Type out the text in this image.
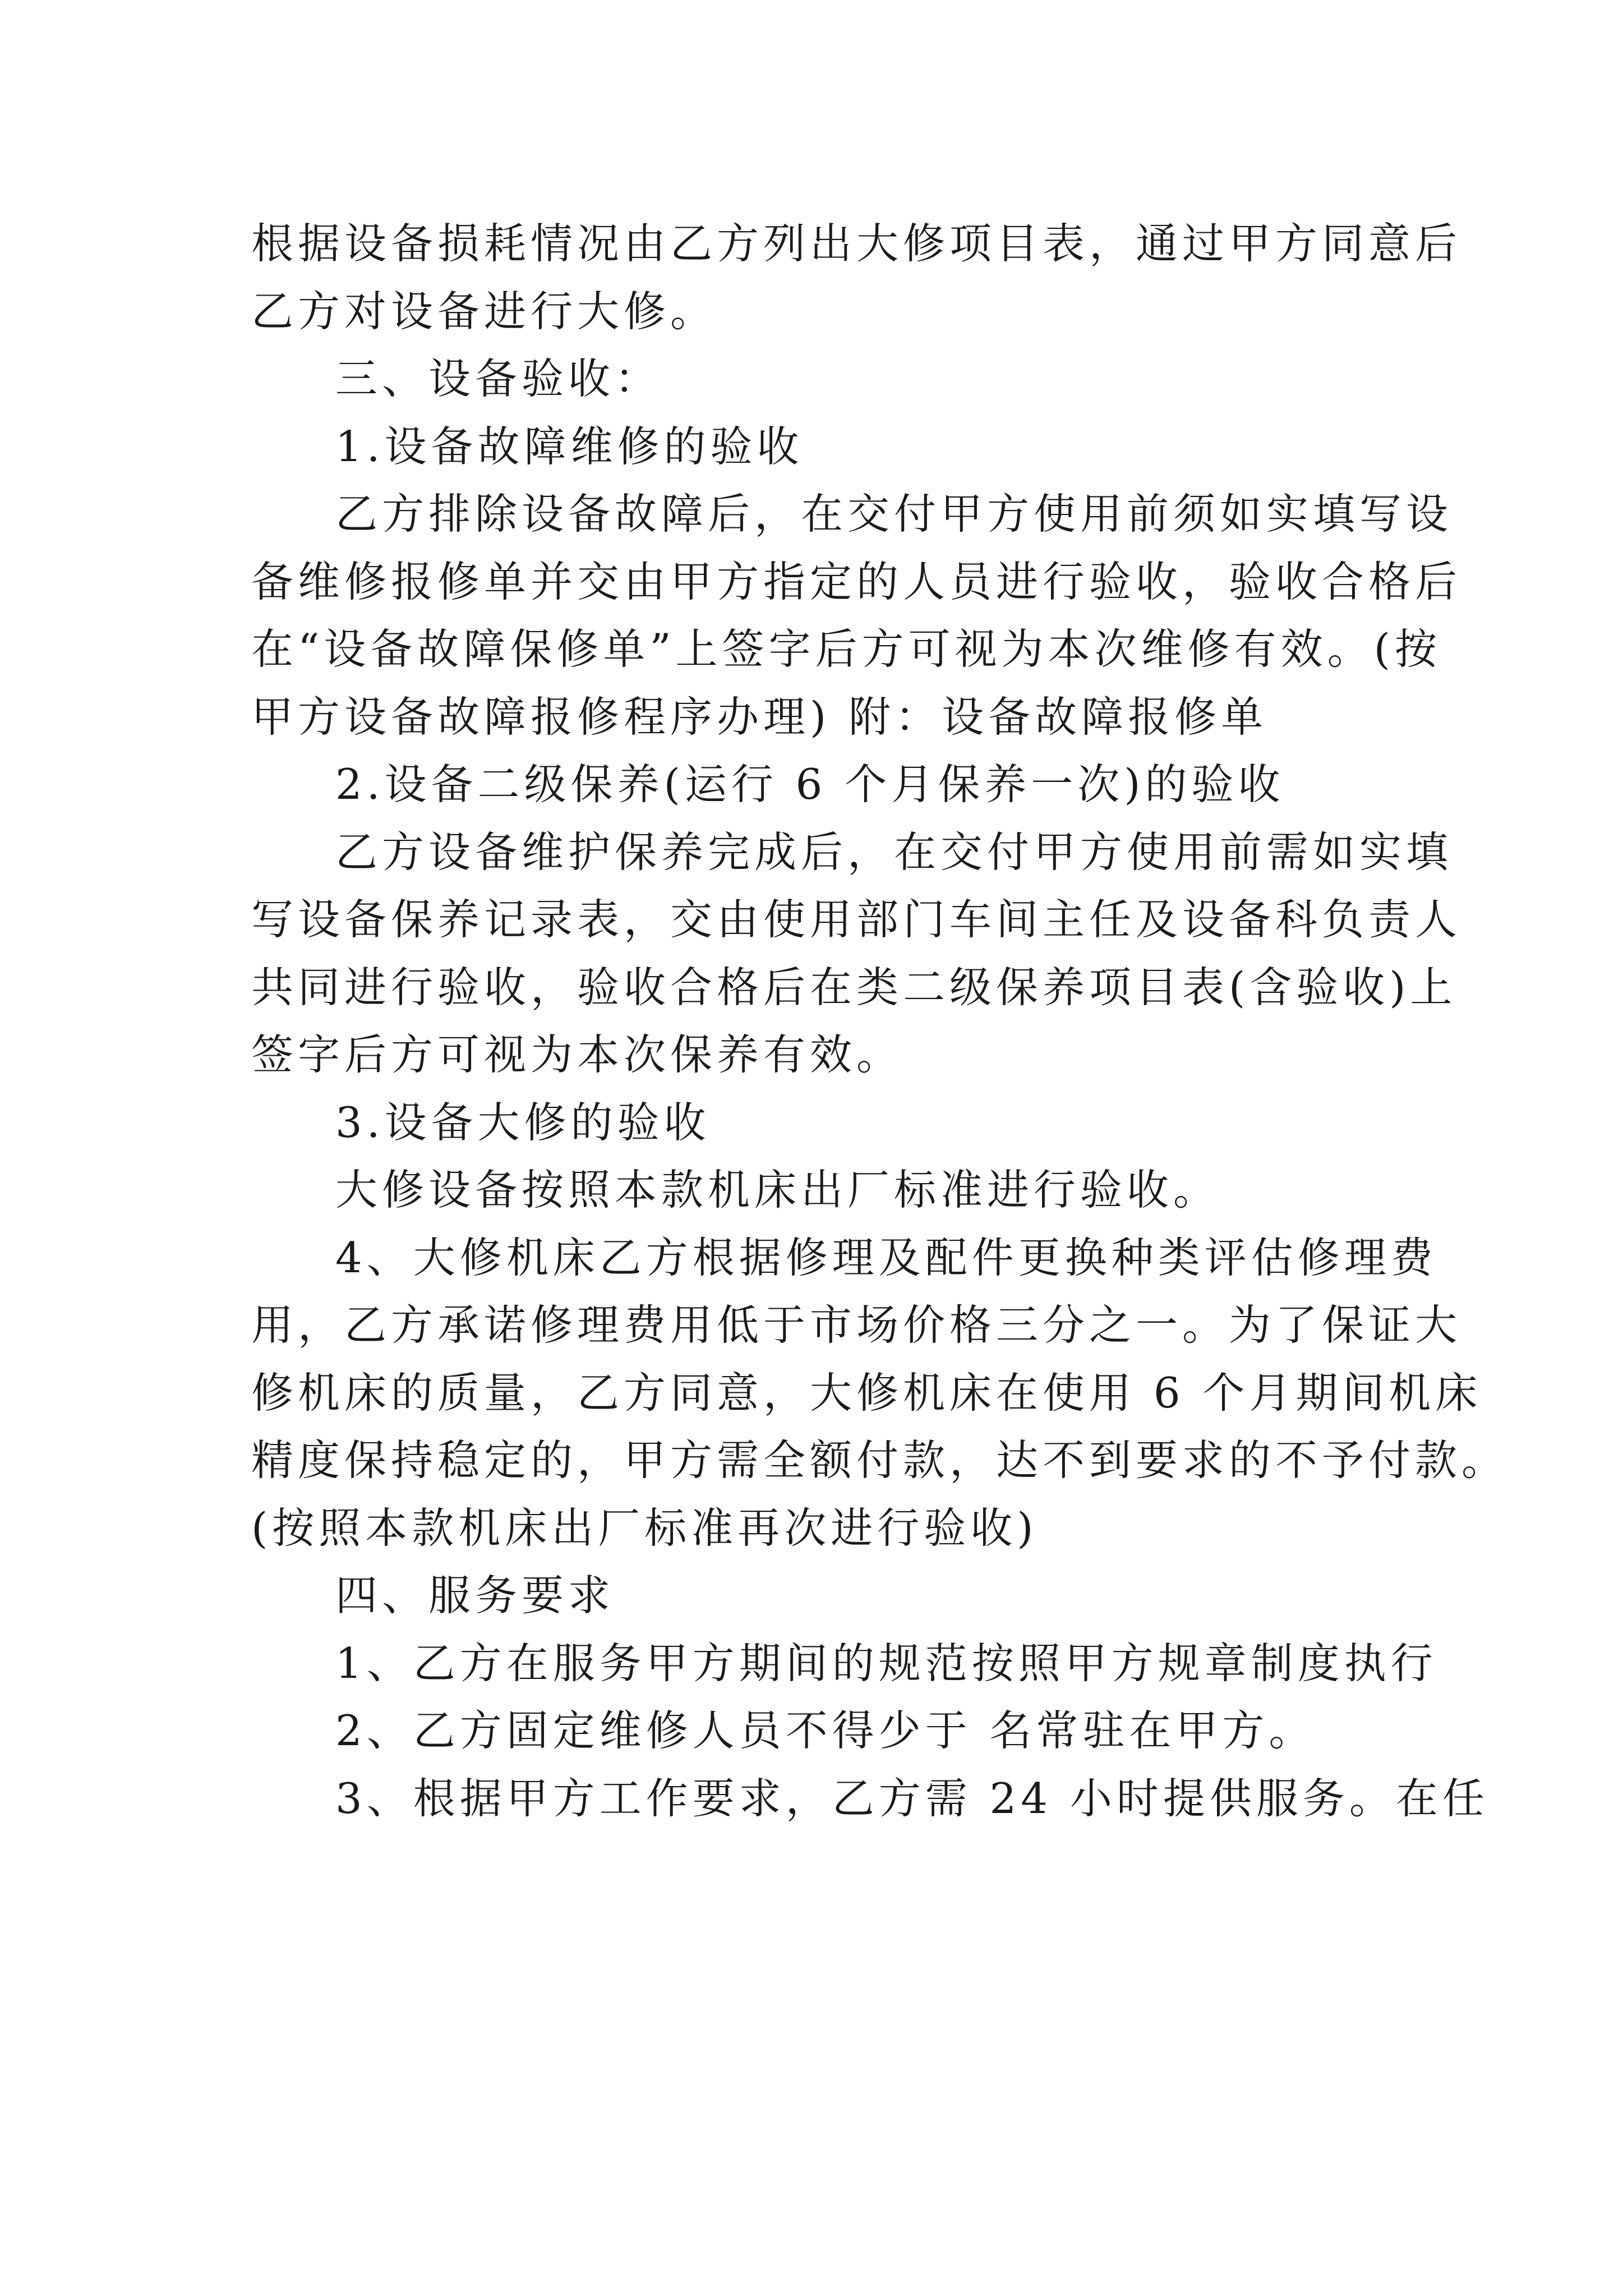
根据设备损耗情况由乙方列出大修项目表，通过甲方同意后

乙方对设备进行大修。

三、设备验收：

1.设备故障维修的验收

乙方排除设备故障后，在交付甲方使用前须如实填写设

备维修报修单并交由甲方指定的人员进行验收，验收合格后

在“设备故障保修单”上签字后方可视为本次维修有效。(按

甲方设备故障报修程序办理) 附：设备故障报修单

2.设备二级保养(运行 6 个月保养一次)的验收

乙方设备维护保养完成后，在交付甲方使用前需如实填

写设备保养记录表，交由使用部门车间主任及设备科负责人

共同进行验收，验收合格后在类二级保养项目表(含验收)上

签字后方可视为本次保养有效。

3.设备大修的验收

大修设备按照本款机床出厂标准进行验收。

4、大修机床乙方根据修理及配件更换种类评估修理费

用，乙方承诺修理费用低于市场价格三分之一。为了保证大

修机床的质量，乙方同意，大修机床在使用 6 个月期间机床

精度保持稳定的，甲方需全额付款，达不到要求的不予付款。

(按照本款机床出厂标准再次进行验收)

四、服务要求

1、乙方在服务甲方期间的规范按照甲方规章制度执行

2、乙方固定维修人员不得少于 名常驻在甲方。

3、根据甲方工作要求，乙方需 24 小时提供服务。在任
